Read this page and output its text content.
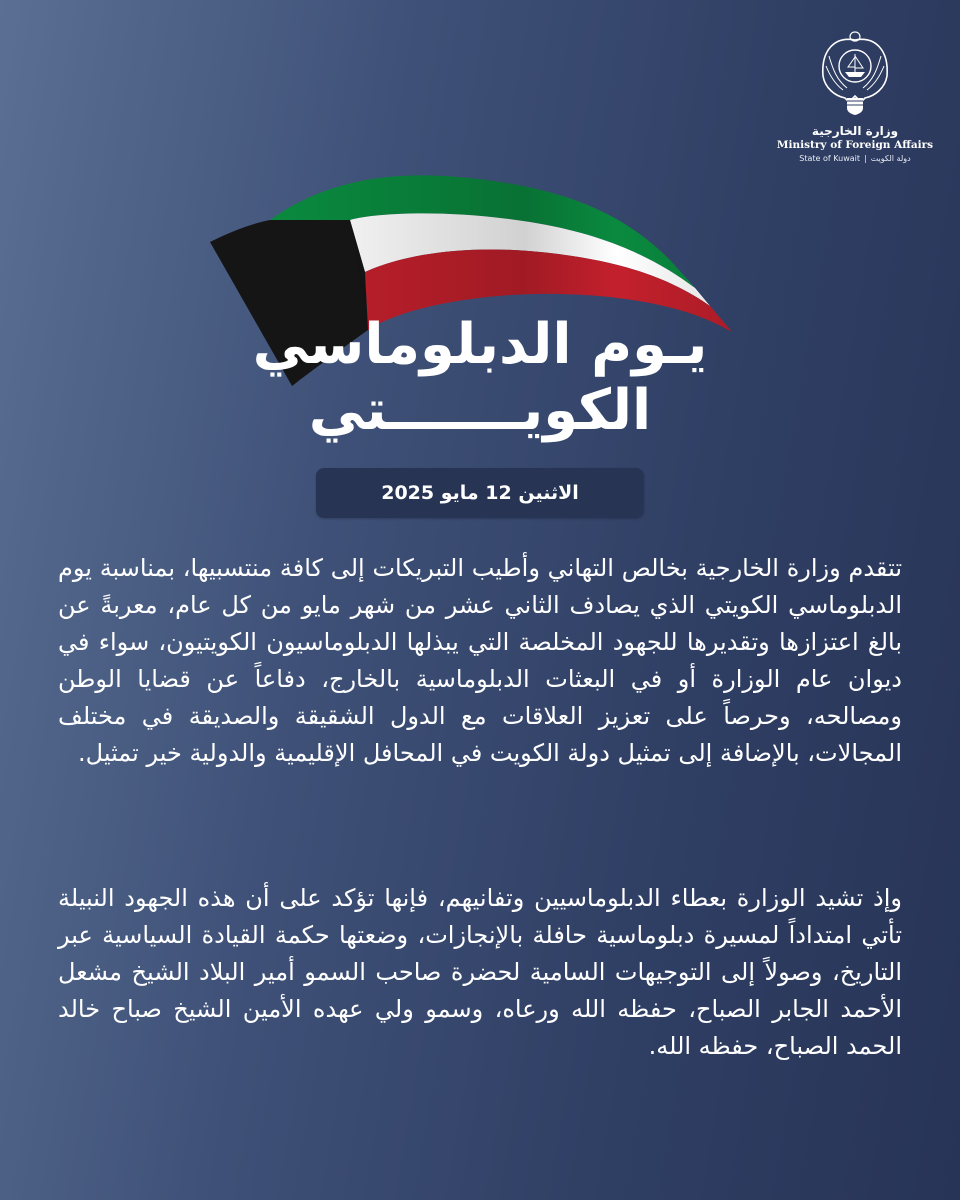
وزارة الخارجية
Ministry of Foreign Affairs
State of Kuwait | دولة الكويت
يـوم الدبلوماسي
الكويـــــــتي
الاثنين 12 مايو 2025

تتقدم وزارة الخارجية بخالص التهاني وأطيب التبريكات إلى كافة منتسبيها، بمناسبة يوم الدبلوماسي الكويتي الذي يصادف الثاني عشر من شهر مايو من كل عام، معربةً عن بالغ اعتزازها وتقديرها للجهود المخلصة التي يبذلها الدبلوماسيون الكويتيون، سواء في ديوان عام الوزارة أو في البعثات الدبلوماسية بالخارج، دفاعاً عن قضايا الوطن ومصالحه، وحرصاً على تعزيز العلاقات مع الدول الشقيقة والصديقة في مختلف المجالات، بالإضافة إلى تمثيل دولة الكويت في المحافل الإقليمية والدولية خير تمثيل.

وإذ تشيد الوزارة بعطاء الدبلوماسيين وتفانيهم، فإنها تؤكد على أن هذه الجهود النبيلة تأتي امتداداً لمسيرة دبلوماسية حافلة بالإنجازات، وضعتها حكمة القيادة السياسية عبر التاريخ، وصولاً إلى التوجيهات السامية لحضرة صاحب السمو أمير البلاد الشيخ مشعل الأحمد الجابر الصباح، حفظه الله ورعاه، وسمو ولي عهده الأمين الشيخ صباح خالد الحمد الصباح، حفظه الله.
